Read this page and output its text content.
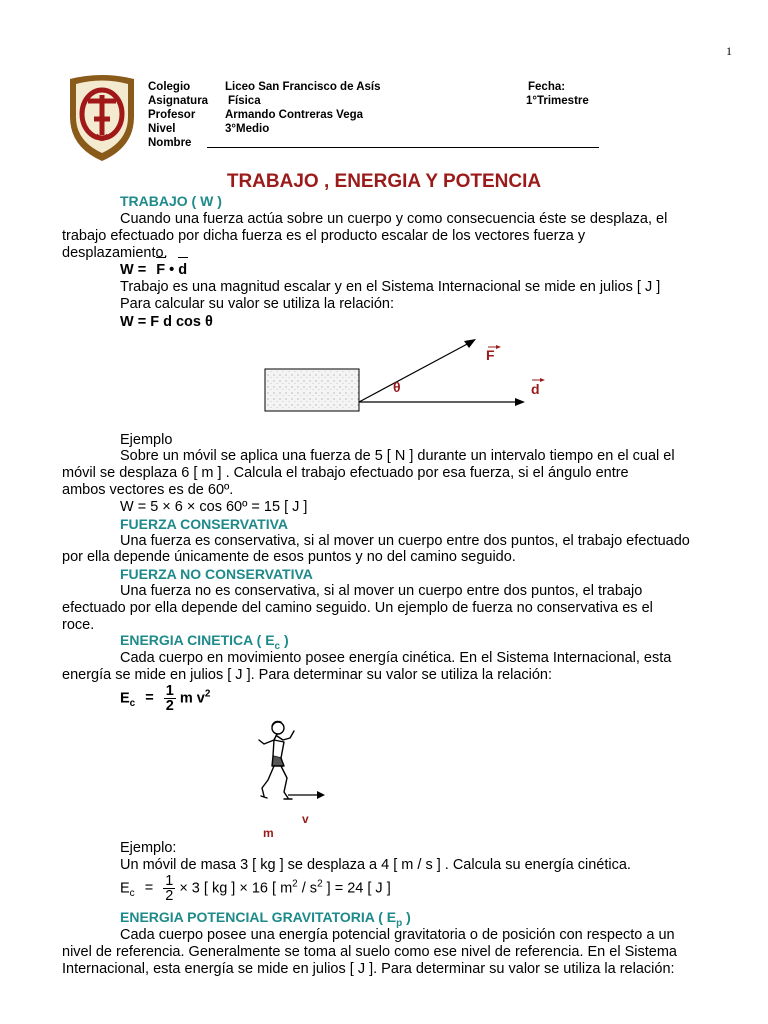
1
Colegio	Liceo San Francisco de Asís	Fecha:
Asignatura Física	1°Trimestre
Profesor	Armando Contreras Vega
Nivel	3°Medio
Nombre
TRABAJO , ENERGIA Y POTENCIA
TRABAJO ( W )
Cuando una fuerza actúa sobre un cuerpo y como consecuencia éste se desplaza, el
trabajo efectuado por dicha fuerza es el producto escalar de los vectores fuerza y
desplazamiento.
W = F • d
Trabajo es una magnitud escalar y en el Sistema Internacional se mide en julios [ J ]
Para calcular su valor se utiliza la relación:
W = F d cos θ
F
θ	d
Ejemplo
Sobre un móvil se aplica una fuerza de 5 [ N ] durante un intervalo tiempo en el cual el
móvil se desplaza 6 [ m ] . Calcula el trabajo efectuado por esa fuerza, si el ángulo entre
ambos vectores es de 60º.
W = 5 × 6 × cos 60º = 15 [ J ]
FUERZA CONSERVATIVA
Una fuerza es conservativa, si al mover un cuerpo entre dos puntos, el trabajo efectuado
por ella depende únicamente de esos puntos y no del camino seguido.
FUERZA NO CONSERVATIVA
Una fuerza no es conservativa, si al mover un cuerpo entre dos puntos, el trabajo
efectuado por ella depende del camino seguido. Un ejemplo de fuerza no conservativa es el
roce.
ENERGIA CINETICA ( $E_c$ )
Cada cuerpo en movimiento posee energía cinética. En el Sistema Internacional, esta
energía se mide en julios [ J ]. Para determinar su valor se utiliza la relación:
$E_c = \frac{1}{2}$ m $v^2$
v
m
Ejemplo:
Un móvil de masa 3 [ kg ] se desplaza a 4 [ m / s ] . Calcula su energía cinética.
$E_c = \frac{1}{2} \times 3$ [ kg ] × 16 [ $m^2 / s^2$ ] = 24 [ J ]
ENERGIA POTENCIAL GRAVITATORIA ( $E_p$ )
Cada cuerpo posee una energía potencial gravitatoria o de posición con respecto a un
nivel de referencia. Generalmente se toma al suelo como ese nivel de referencia. En el Sistema
Internacional, esta energía se mide en julios [ J ]. Para determinar su valor se utiliza la relación:
